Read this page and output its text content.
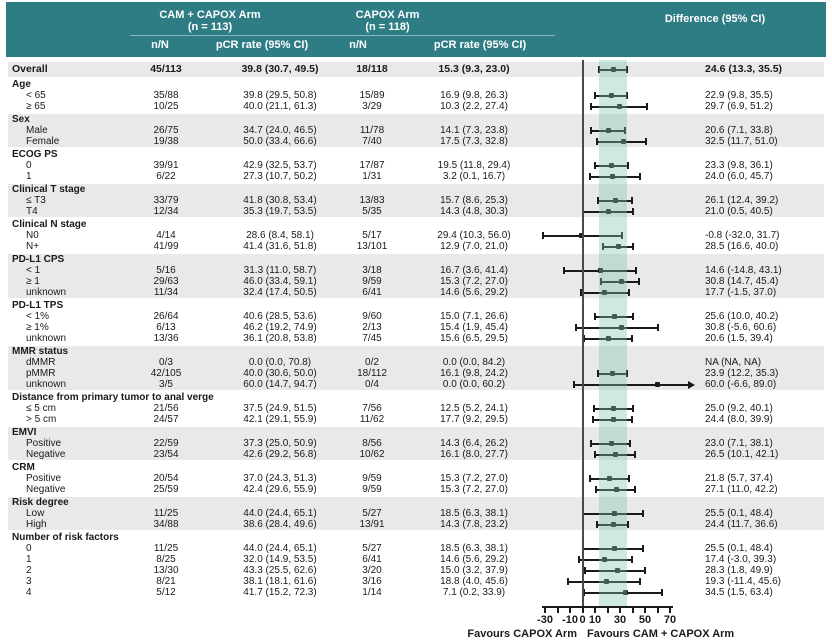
CAM + CAPOX Arm
(n = 113)
CAPOX Arm
(n = 118)
Difference (95% CI)
n/N	pCR rate (95% CI)	n/N	pCR rate (95% CI)
Overall	45/113	39.8 (30.7, 49.5)	18/118	15.3 (9.3, 23.0)	24.6 (13.3, 35.5)
Age
< 65	35/88	39.8 (29.5, 50.8)	15/89	16.9 (9.8, 26.3)	22.9 (9.8, 35.5)
≥ 65	10/25	40.0 (21.1, 61.3)	3/29	10.3 (2.2, 27.4)	29.7 (6.9, 51.2)
Sex
Male	26/75	34.7 (24.0, 46.5)	11/78	14.1 (7.3, 23.8)	20.6 (7.1, 33.8)
Female	19/38	50.0 (33.4, 66.6)	7/40	17.5 (7.3, 32.8)	32.5 (11.7, 51.0)
ECOG PS
0	39/91	42.9 (32.5, 53.7)	17/87	19.5 (11.8, 29.4)	23.3 (9.8, 36.1)
1	6/22	27.3 (10.7, 50.2)	1/31	3.2 (0.1, 16.7)	24.0 (6.0, 45.7)
Clinical T stage
≤ T3	33/79	41.8 (30.8, 53.4)	13/83	15.7 (8.6, 25.3)	26.1 (12.4, 39.2)
T4	12/34	35.3 (19.7, 53.5)	5/35	14.3 (4.8, 30.3)	21.0 (0.5, 40.5)
Clinical N stage
N0	4/14	28.6 (8.4, 58.1)	5/17	29.4 (10.3, 56.0)	-0.8 (-32.0, 31.7)
N+	41/99	41.4 (31.6, 51.8)	13/101	12.9 (7.0, 21.0)	28.5 (16.6, 40.0)
PD-L1 CPS
< 1	5/16	31.3 (11.0, 58.7)	3/18	16.7 (3.6, 41.4)	14.6 (-14.8, 43.1)
≥ 1	29/63	46.0 (33.4, 59.1)	9/59	15.3 (7.2, 27.0)	30.8 (14.7, 45.4)
unknown	11/34	32.4 (17.4, 50.5)	6/41	14.6 (5.6, 29.2)	17.7 (-1.5, 37.0)
PD-L1 TPS
< 1%	26/64	40.6 (28.5, 53.6)	9/60	15.0 (7.1, 26.6)	25.6 (10.0, 40.2)
≥ 1%	6/13	46.2 (19.2, 74.9)	2/13	15.4 (1.9, 45.4)	30.8 (-5.6, 60.6)
unknown	13/36	36.1 (20.8, 53.8)	7/45	15.6 (6.5, 29.5)	20.6 (1.5, 39.4)
MMR status
dMMR	0/3	0.0 (0.0, 70.8)	0/2	0.0 (0.0, 84.2)	NA (NA, NA)
pMMR	42/105	40.0 (30.6, 50.0)	18/112	16.1 (9.8, 24.2)	23.9 (12.2, 35.3)
unknown	3/5	60.0 (14.7, 94.7)	0/4	0.0 (0.0, 60.2)	60.0 (-6.6, 89.0)
Distance from primary tumor to anal verge
≤ 5 cm	21/56	37.5 (24.9, 51.5)	7/56	12.5 (5.2, 24.1)	25.0 (9.2, 40.1)
> 5 cm	24/57	42.1 (29.1, 55.9)	11/62	17.7 (9.2, 29.5)	24.4 (8.0, 39.9)
EMVI
Positive	22/59	37.3 (25.0, 50.9)	8/56	14.3 (6.4, 26.2)	23.0 (7.1, 38.1)
Negative	23/54	42.6 (29.2, 56.8)	10/62	16.1 (8.0, 27.7)	26.5 (10.1, 42.1)
CRM
Positive	20/54	37.0 (24.3, 51.3)	9/59	15.3 (7.2, 27.0)	21.8 (5.7, 37.4)
Negative	25/59	42.4 (29.6, 55.9)	9/59	15.3 (7.2, 27.0)	27.1 (11.0, 42.2)
Risk degree
Low	11/25	44.0 (24.4, 65.1)	5/27	18.5 (6.3, 38.1)	25.5 (0.1, 48.4)
High	34/88	38.6 (28.4, 49.6)	13/91	14.3 (7.8, 23.2)	24.4 (11.7, 36.6)
Number of risk factors
0	11/25	44.0 (24.4, 65.1)	5/27	18.5 (6.3, 38.1)	25.5 (0.1, 48.4)
1	8/25	32.0 (14.9, 53.5)	6/41	14.6 (5.6, 29.2)	17.4 (-3.0, 39.3)
2	13/30	43.3 (25.5, 62.6)	3/20	15.0 (3.2, 37.9)	28.3 (1.8, 49.9)
3	8/21	38.1 (18.1, 61.6)	3/16	18.8 (4.0, 45.6)	19.3 (-11.4, 45.6)
4	5/12	41.7 (15.2, 72.3)	1/14	7.1 (0.2, 33.9)	34.5 (1.5, 63.4)
-30 -10 0 10	30	50	70
Favours CAPOX Arm Favours CAM + CAPOX Arm
